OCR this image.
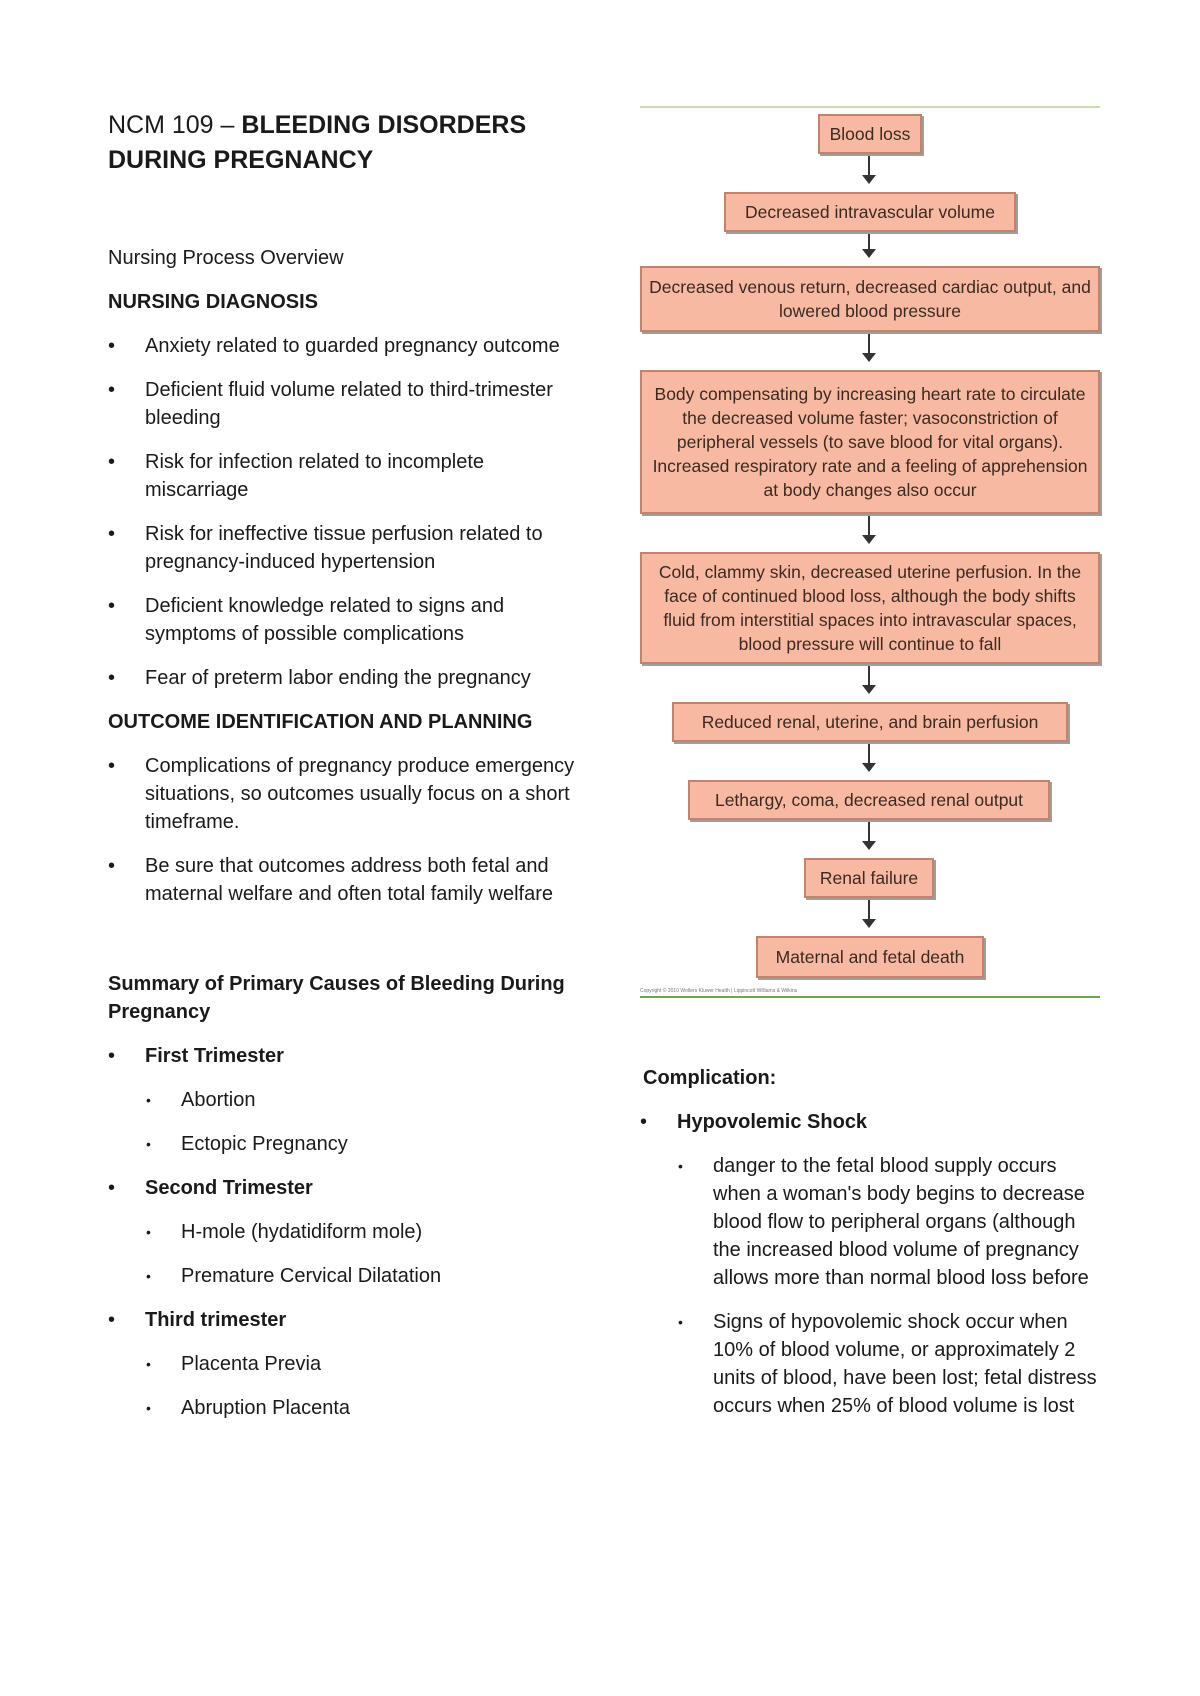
NCM 109 – BLEEDING DISORDERS DURING PREGNANCY

Nursing Process Overview

NURSING DIAGNOSIS

• Anxiety related to guarded pregnancy outcome
• Deficient fluid volume related to third-trimester bleeding
• Risk for infection related to incomplete miscarriage
• Risk for ineffective tissue perfusion related to pregnancy-induced hypertension
• Deficient knowledge related to signs and symptoms of possible complications
• Fear of preterm labor ending the pregnancy

OUTCOME IDENTIFICATION AND PLANNING

• Complications of pregnancy produce emergency situations, so outcomes usually focus on a short timeframe.
• Be sure that outcomes address both fetal and maternal welfare and often total family welfare

Summary of Primary Causes of Bleeding During Pregnancy

• First Trimester
• Abortion
• Ectopic Pregnancy
• Second Trimester
• H-mole (hydatidiform mole)
• Premature Cervical Dilatation
• Third trimester
• Placenta Previa
• Abruption Placenta
Blood loss
Decreased intravascular volume
Decreased venous return, decreased cardiac output, and lowered blood pressure
Body compensating by increasing heart rate to circulate the decreased volume faster; vasoconstriction of peripheral vessels (to save blood for vital organs). Increased respiratory rate and a feeling of apprehension at body changes also occur
Cold, clammy skin, decreased uterine perfusion. In the face of continued blood loss, although the body shifts fluid from interstitial spaces into intravascular spaces, blood pressure will continue to fall
Reduced renal, uterine, and brain perfusion
Lethargy, coma, decreased renal output
Renal failure
Maternal and fetal death
Copyright © 2010 Wolters Kluwer Health | Lippincott Williams & Wilkins

Complication:

• Hypovolemic Shock
• danger to the fetal blood supply occurs when a woman's body begins to decrease blood flow to peripheral organs (although the increased blood volume of pregnancy allows more than normal blood loss before
• Signs of hypovolemic shock occur when 10% of blood volume, or approximately 2 units of blood, have been lost; fetal distress occurs when 25% of blood volume is lost
